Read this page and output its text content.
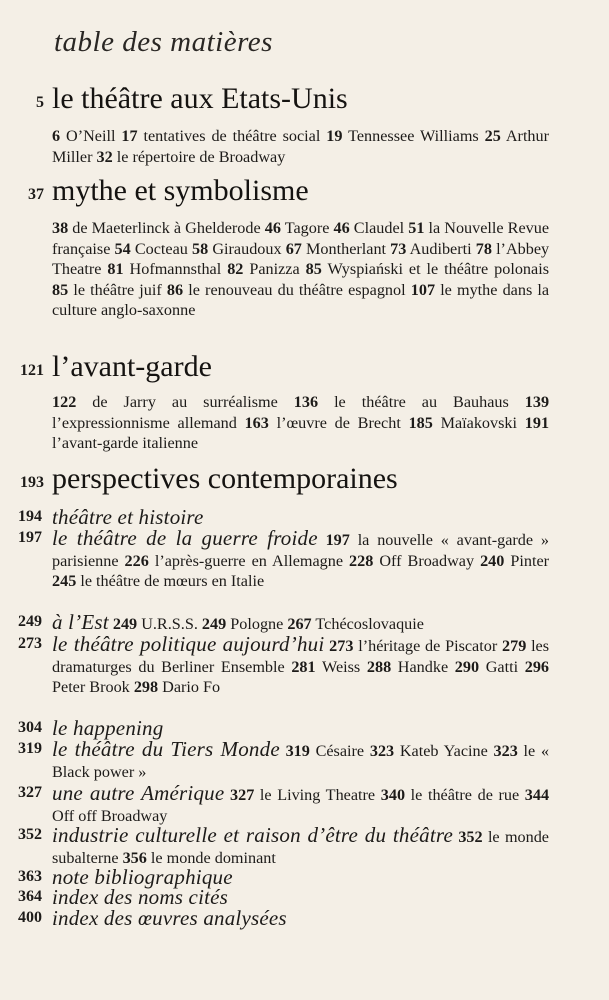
table des matières
5 le théâtre aux Etats-Unis

6 O’Neill 17 tentatives de théâtre social 19 Tennessee Williams 25 Arthur Miller 32 le répertoire de Broadway

37 mythe et symbolisme

38 de Maeterlinck à Ghelderode 46 Tagore 46 Claudel 51 la Nouvelle Revue française 54 Cocteau 58 Giraudoux 67 Montherlant 73 Audiberti 78 l’Abbey Theatre 81 Hofmannsthal 82 Panizza 85 Wyspiański et le théâtre polonais 85 le théâtre juif 86 le renouveau du théâtre espagnol 107 le mythe dans la culture anglo-saxonne

121 l’avant-garde

122 de Jarry au surréalisme 136 le théâtre au Bauhaus 139 l’expressionnisme allemand 163 l’œuvre de Brecht 185 Maïakovski 191 l’avant-garde italienne

193 perspectives contemporaines
194 théâtre et histoire

197 le théâtre de la guerre froide 197 la nouvelle « avant-garde » parisienne 226 l’après-guerre en Allemagne 228 Off Broadway 240 Pinter 245 le théâtre de mœurs en Italie

249 à l’Est 249 U.R.S.S. 249 Pologne 267 Tchécoslovaquie

273 le théâtre politique aujourd’hui 273 l’héritage de Piscator 279 les dramaturges du Berliner Ensemble 281 Weiss 288 Handke 290 Gatti 296 Peter Brook 298 Dario Fo

304 le happening

319 le théâtre du Tiers Monde 319 Césaire 323 Kateb Yacine 323 le « Black power »

327 une autre Amérique 327 le Living Theatre 340 le théâtre de rue 344 Off off Broadway

352 industrie culturelle et raison d’être du théâtre 352 le monde subalterne 356 le monde dominant

363 note bibliographique

364 index des noms cités

400 index des œuvres analysées
